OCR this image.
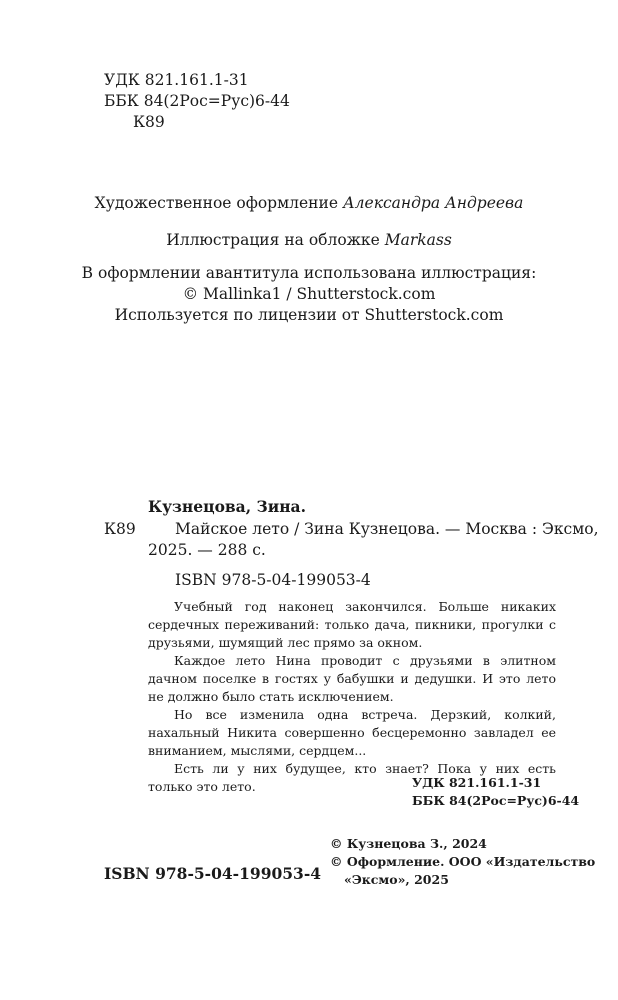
УДК 821.161.1-31
ББК 84(2Рос=Рус)6-44
К89
Художественное оформление Александра Андреева
Иллюстрация на обложке Markass
В оформлении авантитула использована иллюстрация:
© Mallinka1 / Shutterstock.com
Используется по лицензии от Shutterstock.com
Кузнецова, Зина.
К89	Майское лето / Зина Кузнецова. — Москва : Эксмо,
2025. — 288 с.
ISBN 978-5-04-199053-4

Учебный год наконец закончился. Больше никаких сердечных переживаний: только дача, пикники, прогулки с друзьями, шумящий лес прямо за окном.

Каждое лето Нина проводит с друзьями в элитном дачном поселке в гостях у бабушки и дедушки. И это лето не должно было стать исключением.

Но все изменила одна встреча. Дерзкий, колкий, нахальный Никита совершенно бесцеремонно завладел ее вниманием, мыслями, сердцем...

Есть ли у них будущее, кто знает? Пока у них есть только это лето.	УДК 821.161.1-31
ББК 84(2Рос=Рус)6-44
ISBN 978-5-04-199053-4
© Кузнецова З., 2024
© Оформление. ООО «Издательство
«Эксмо», 2025
